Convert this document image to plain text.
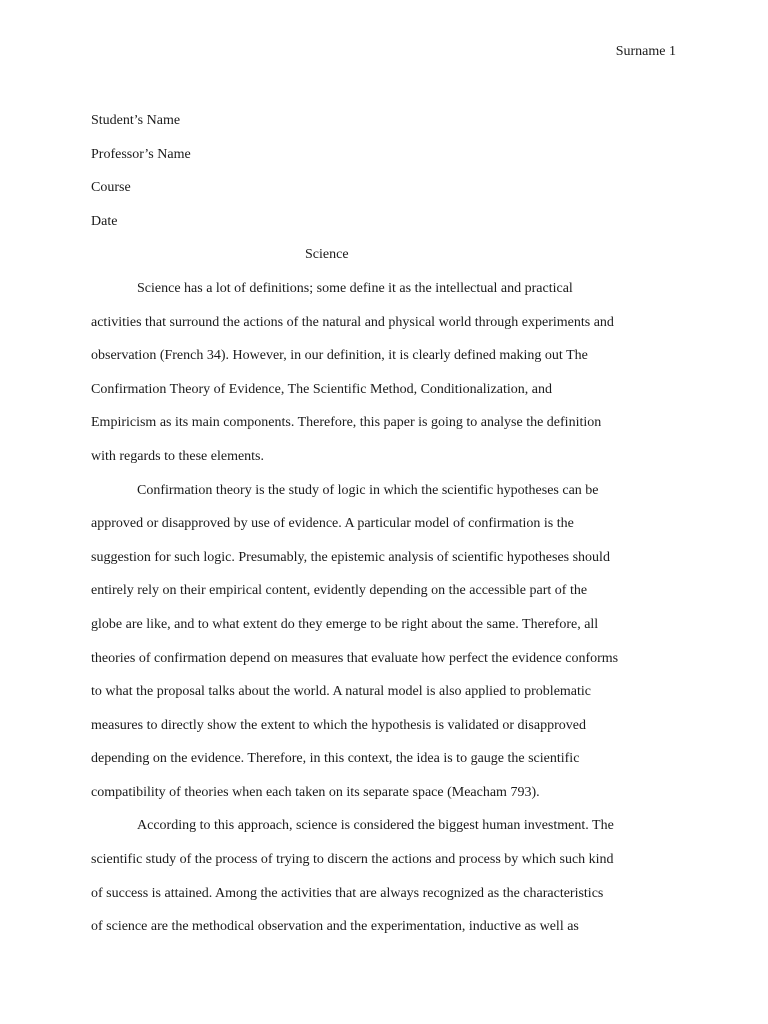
Surname 1
Student’s Name
Professor’s Name
Course
Date
Science
Science has a lot of definitions; some define it as the intellectual and practical
activities that surround the actions of the natural and physical world through experiments and
observation (French 34). However, in our definition, it is clearly defined making out The
Confirmation Theory of Evidence, The Scientific Method, Conditionalization, and
Empiricism as its main components. Therefore, this paper is going to analyse the definition
with regards to these elements.
Confirmation theory is the study of logic in which the scientific hypotheses can be
approved or disapproved by use of evidence. A particular model of confirmation is the
suggestion for such logic. Presumably, the epistemic analysis of scientific hypotheses should
entirely rely on their empirical content, evidently depending on the accessible part of the
globe are like, and to what extent do they emerge to be right about the same. Therefore, all
theories of confirmation depend on measures that evaluate how perfect the evidence conforms
to what the proposal talks about the world. A natural model is also applied to problematic
measures to directly show the extent to which the hypothesis is validated or disapproved
depending on the evidence. Therefore, in this context, the idea is to gauge the scientific
compatibility of theories when each taken on its separate space (Meacham 793).
According to this approach, science is considered the biggest human investment. The
scientific study of the process of trying to discern the actions and process by which such kind
of success is attained. Among the activities that are always recognized as the characteristics
of science are the methodical observation and the experimentation, inductive as well as
